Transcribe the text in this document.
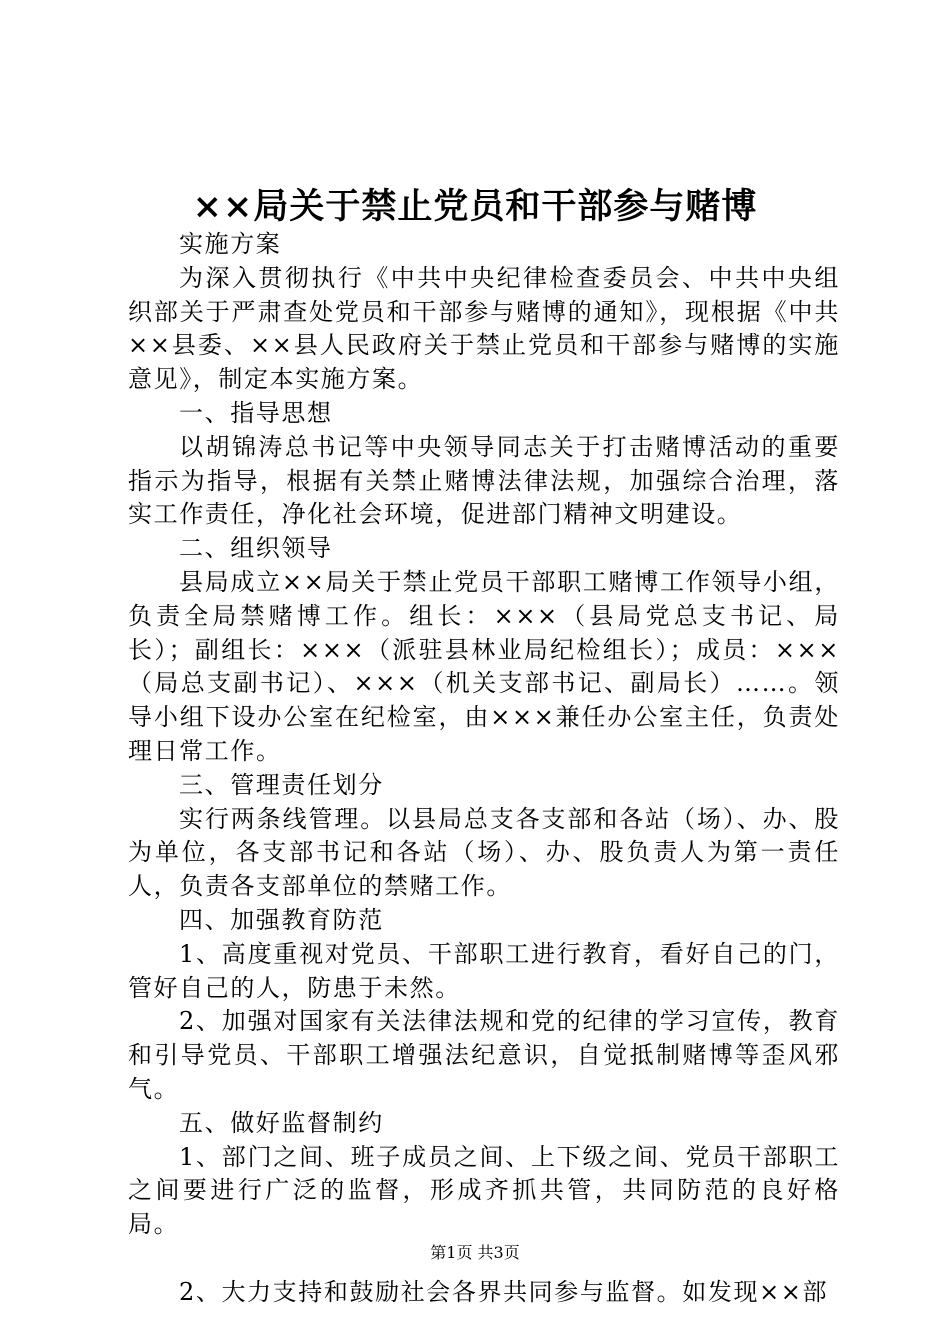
××局关于禁止党员和干部参与赌博

实施方案

为深入贯彻执行《中共中央纪律检查委员会、中共中央组织部关于严肃查处党员和干部参与赌博的通知》，现根据《中共××县委、××县人民政府关于禁止党员和干部参与赌博的实施意见》，制定本实施方案。

一、指导思想

以胡锦涛总书记等中央领导同志关于打击赌博活动的重要指示为指导，根据有关禁止赌博法律法规，加强综合治理，落实工作责任，净化社会环境，促进部门精神文明建设。

二、组织领导

县局成立××局关于禁止党员干部职工赌博工作领导小组，负责全局禁赌博工作。组长：×××（县局党总支书记、局长）；副组长：×××（派驻县林业局纪检组长）；成员：×××（局总支副书记）、×××（机关支部书记、副局长）……。领导小组下设办公室在纪检室，由×××兼任办公室主任，负责处理日常工作。

三、管理责任划分

实行两条线管理。以县局总支各支部和各站（场）、办、股为单位，各支部书记和各站（场）、办、股负责人为第一责任人，负责各支部单位的禁赌工作。

四、加强教育防范

1、高度重视对党员、干部职工进行教育，看好自己的门，管好自己的人，防患于未然。

2、加强对国家有关法律法规和党的纪律的学习宣传，教育和引导党员、干部职工增强法纪意识，自觉抵制赌博等歪风邪气。

五、做好监督制约

1、部门之间、班子成员之间、上下级之间、党员干部职工之间要进行广泛的监督，形成齐抓共管，共同防范的良好格局。

2、大力支持和鼓励社会各界共同参与监督。如发现××部

第1页 共3页
